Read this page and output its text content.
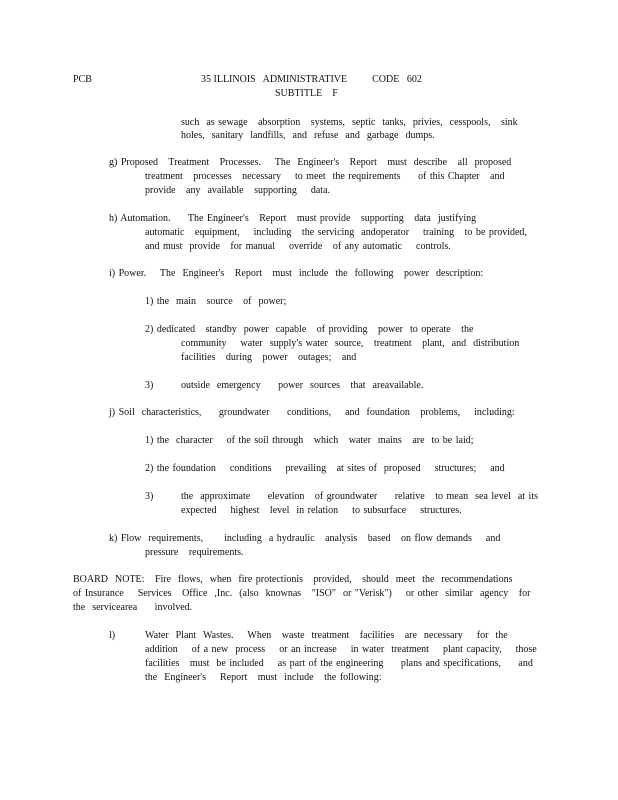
PCB	35 ILLINOIS   ADMINISTRATIVE          CODE   602
SUBTITLE    F
such  as sewage   absorption   systems,  septic  tanks,  privies,  cesspools,   sink
holes,  sanitary  landfills,  and  refuse  and  garbage  dumps.
g) Proposed   Treatment   Processes.    The  Engineer's   Report   must  describe   all  proposed
treatment   processes   necessary    to meet  the requirements     of this Chapter   and
provide   any  available   supporting    data.
h) Automation.     The Engineer's   Report   must provide   supporting   data  justifying
automatic   equipment,    including   the servicing  andoperator    training   to be provided,
and must  provide   for manual    override   of any automatic    controls.
i) Power.    The  Engineer's   Report   must  include  the  following   power  description:
1) the  main   source   of  power;
2) dedicated   standby  power  capable   of providing   power  to operate   the
community    water  supply's water  source,   treatment   plant,  and  distribution
facilities   during   power   outages;   and
3)	outside  emergency     power  sources   that  areavailable.
j) Soil  characteristics,     groundwater     conditions,    and  foundation   problems,    including:
1) the  character    of the soil through   which   water  mains   are  to be laid;
2) the foundation    conditions    prevailing   at sites of  proposed    structures;    and
3)	the  approximate     elevation   of groundwater     relative   to mean  sea level  at its
expected    highest   level  in relation    to subsurface    structures.
k) Flow  requirements,      including  a hydraulic   analysis   based   on flow demands    and
pressure   requirements.
BOARD  NOTE:   Fire  flows,  when  fire protectionis   provided,   should  meet  the  recommendations
of Insurance    Services   Office  ,Inc.  (also  knownas   "ISO"  or "Verisk")    or other  similar  agency   for
the  servicearea     involved.
l)	Water  Plant  Wastes.    When   waste  treatment   facilities   are  necessary    for  the
addition    of a new  process    or an increase    in water  treatment    plant capacity,    those
facilities   must  be included    as part of the engineering     plans and specifications,     and
the  Engineer's    Report   must  include   the following:
